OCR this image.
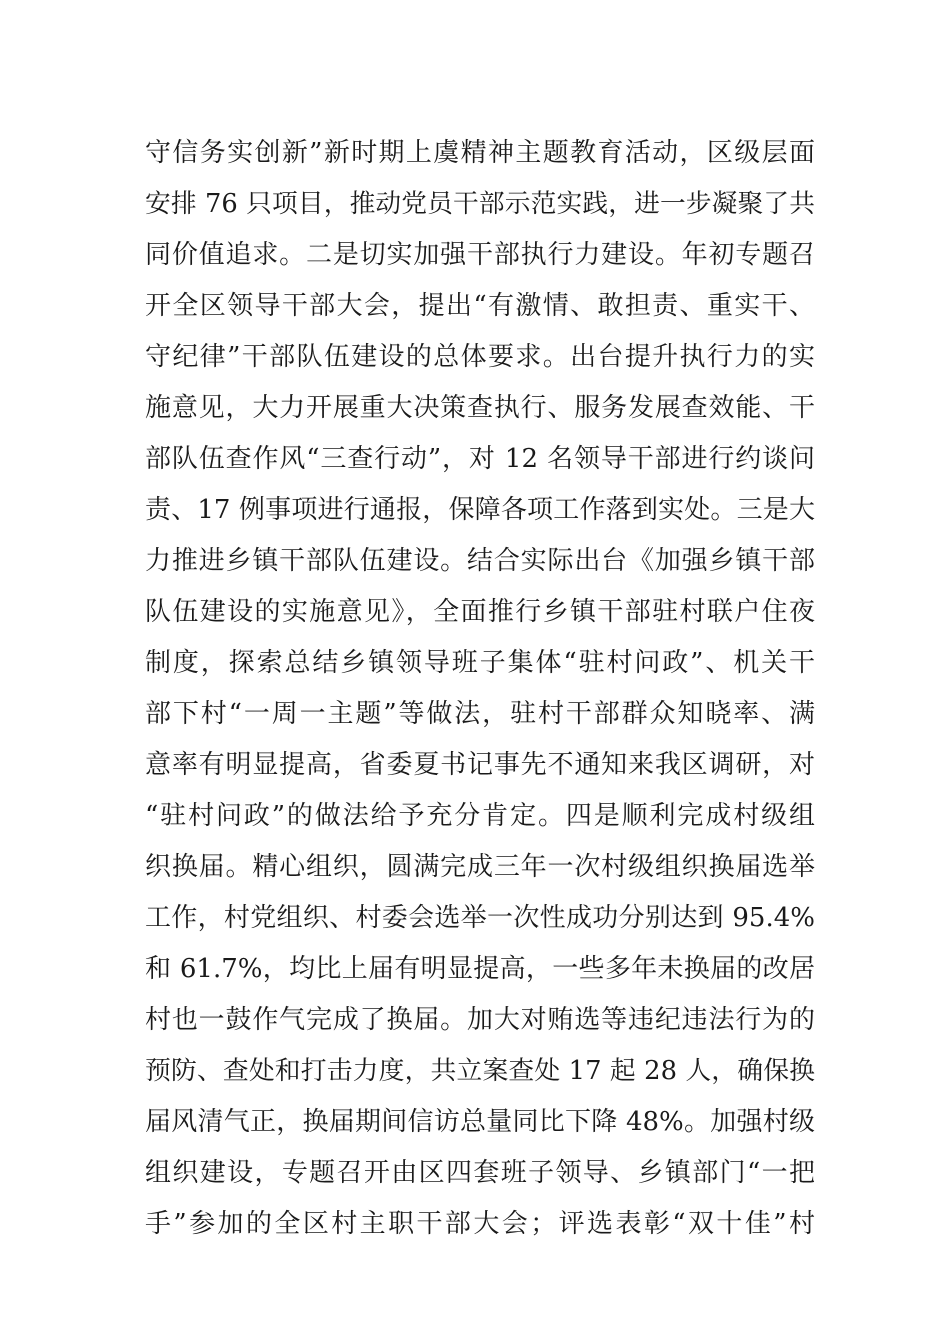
守信务实创新”新时期上虞精神主题教育活动，区级层面
安排 76 只项目，推动党员干部示范实践，进一步凝聚了共
同价值追求。二是切实加强干部执行力建设。年初专题召
开全区领导干部大会，提出“有激情、敢担责、重实干、
守纪律”干部队伍建设的总体要求。出台提升执行力的实
施意见，大力开展重大决策查执行、服务发展查效能、干
部队伍查作风“三查行动”，对 12 名领导干部进行约谈问
责、17 例事项进行通报，保障各项工作落到实处。三是大
力推进乡镇干部队伍建设。结合实际出台《加强乡镇干部
队伍建设的实施意见》，全面推行乡镇干部驻村联户住夜
制度，探索总结乡镇领导班子集体“驻村问政”、机关干
部下村“一周一主题”等做法，驻村干部群众知晓率、满
意率有明显提高，省委夏书记事先不通知来我区调研，对
“驻村问政”的做法给予充分肯定。四是顺利完成村级组
织换届。精心组织，圆满完成三年一次村级组织换届选举
工作，村党组织、村委会选举一次性成功分别达到 95.4%
和 61.7%，均比上届有明显提高，一些多年未换届的改居
村也一鼓作气完成了换届。加大对贿选等违纪违法行为的
预防、查处和打击力度，共立案查处 17 起 28 人，确保换
届风清气正，换届期间信访总量同比下降 48%。加强村级
组织建设，专题召开由区四套班子领导、乡镇部门“一把
手”参加的全区村主职干部大会；评选表彰“双十佳”村
